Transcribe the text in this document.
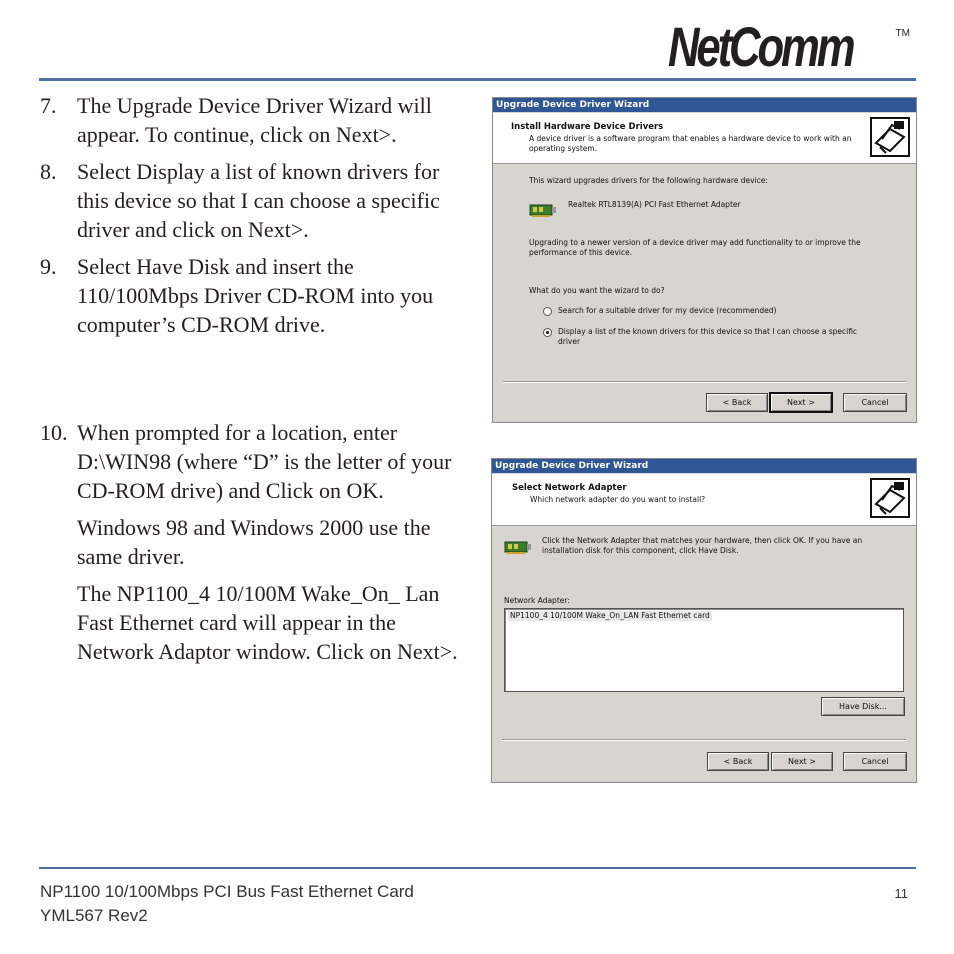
NetComm	TM
7. The Upgrade Device Driver Wizard will appear. To continue, click on Next>.

8. Select Display a list of known drivers for this device so that I can choose a specific driver and click on Next>.

9. Select Have Disk and insert the 110/100Mbps Driver CD-ROM into you computer’s CD-ROM drive.

10. When prompted for a location, enter D:\WIN98 (where “D” is the letter of your CD-ROM drive) and Click on OK.

Windows 98 and Windows 2000 use the same driver.

The NP1100_4 10/100M Wake_On_ Lan Fast Ethernet card will appear in the Network Adaptor window. Click on Next>.

Upgrade Device Driver Wizard
Install Hardware Device Drivers
A device driver is a software program that enables a hardware device to work with an operating system.
This wizard upgrades drivers for the following hardware device:
Realtek RTL8139(A) PCI Fast Ethernet Adapter
Upgrading to a newer version of a device driver may add functionality to or improve the performance of this device.
What do you want the wizard to do?
Search for a suitable driver for my device (recommended)
Display a list of the known drivers for this device so that I can choose a specific driver
< Back	Next >	Cancel
Upgrade Device Driver Wizard
Select Network Adapter
Which network adapter do you want to install?
Click the Network Adapter that matches your hardware, then click OK. If you have an installation disk for this component, click Have Disk.
Network Adapter:
NP1100_4 10/100M Wake_On_LAN Fast Ethernet card
Have Disk...
< Back	Next >	Cancel
NP1100 10/100Mbps PCI Bus Fast Ethernet Card
YML567 Rev2
11
